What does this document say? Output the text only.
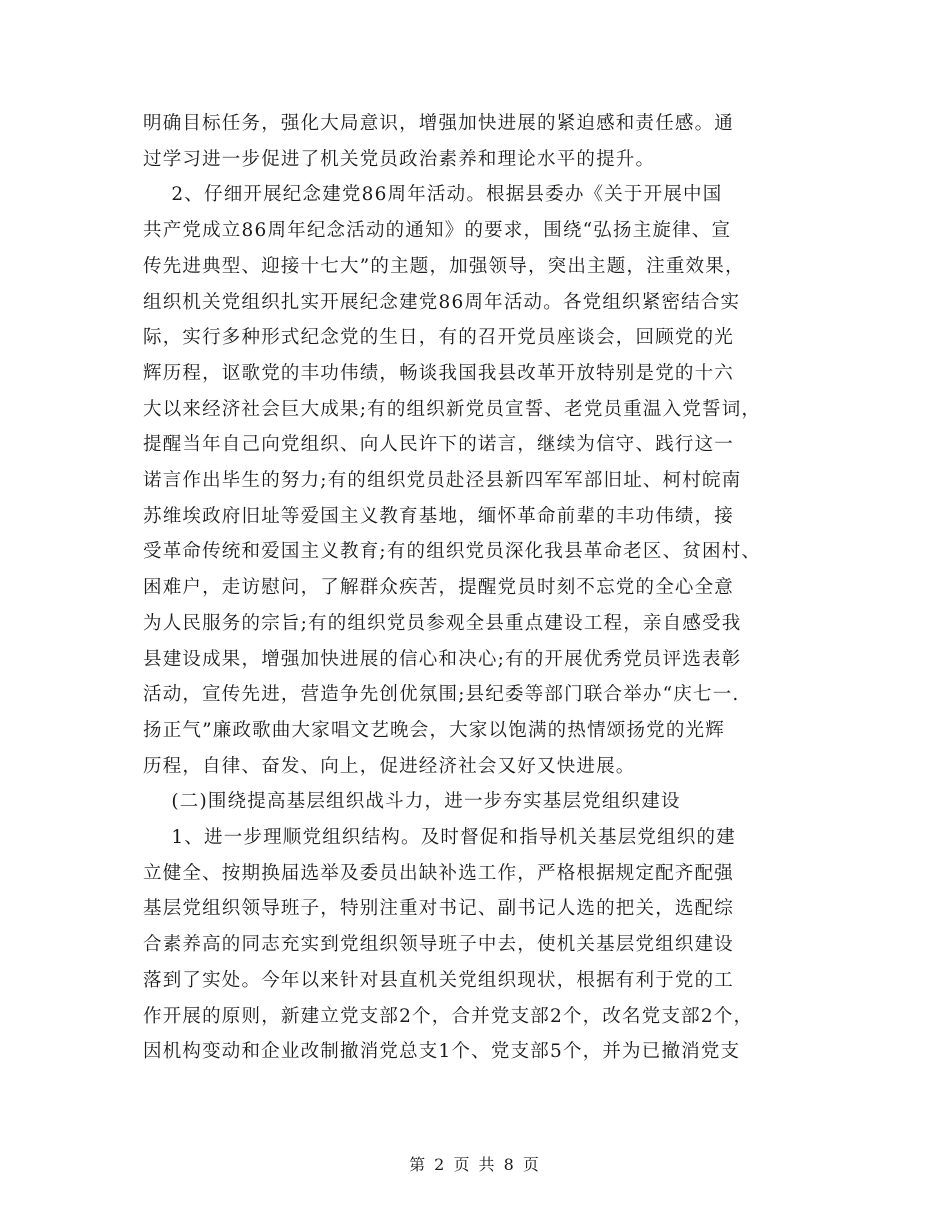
明确目标任务，强化大局意识，增强加快进展的紧迫感和责任感。通
过学习进一步促进了机关党员政治素养和理论水平的提升。
2、仔细开展纪念建党86周年活动。根据县委办《关于开展中国
共产党成立86周年纪念活动的通知》的要求，围绕“弘扬主旋律、宣
传先进典型、迎接十七大”的主题，加强领导，突出主题，注重效果，
组织机关党组织扎实开展纪念建党86周年活动。各党组织紧密结合实
际，实行多种形式纪念党的生日，有的召开党员座谈会，回顾党的光
辉历程，讴歌党的丰功伟绩，畅谈我国我县改革开放特别是党的十六
大以来经济社会巨大成果;有的组织新党员宣誓、老党员重温入党誓词，
提醒当年自己向党组织、向人民许下的诺言，继续为信守、践行这一
诺言作出毕生的努力;有的组织党员赴泾县新四军军部旧址、柯村皖南
苏维埃政府旧址等爱国主义教育基地，缅怀革命前辈的丰功伟绩，接
受革命传统和爱国主义教育;有的组织党员深化我县革命老区、贫困村、
困难户，走访慰问，了解群众疾苦，提醒党员时刻不忘党的全心全意
为人民服务的宗旨;有的组织党员参观全县重点建设工程，亲自感受我
县建设成果，增强加快进展的信心和决心;有的开展优秀党员评选表彰
活动，宣传先进，营造争先创优氛围;县纪委等部门联合举办“庆七一.
扬正气”廉政歌曲大家唱文艺晚会，大家以饱满的热情颂扬党的光辉
历程，自律、奋发、向上，促进经济社会又好又快进展。
(二)围绕提高基层组织战斗力，进一步夯实基层党组织建设
1、进一步理顺党组织结构。及时督促和指导机关基层党组织的建
立健全、按期换届选举及委员出缺补选工作，严格根据规定配齐配强
基层党组织领导班子，特别注重对书记、副书记人选的把关，选配综
合素养高的同志充实到党组织领导班子中去，使机关基层党组织建设
落到了实处。今年以来针对县直机关党组织现状，根据有利于党的工
作开展的原则，新建立党支部2个，合并党支部2个，改名党支部2个，
因机构变动和企业改制撤消党总支1个、党支部5个，并为已撤消党支
第 2 页 共 8 页
